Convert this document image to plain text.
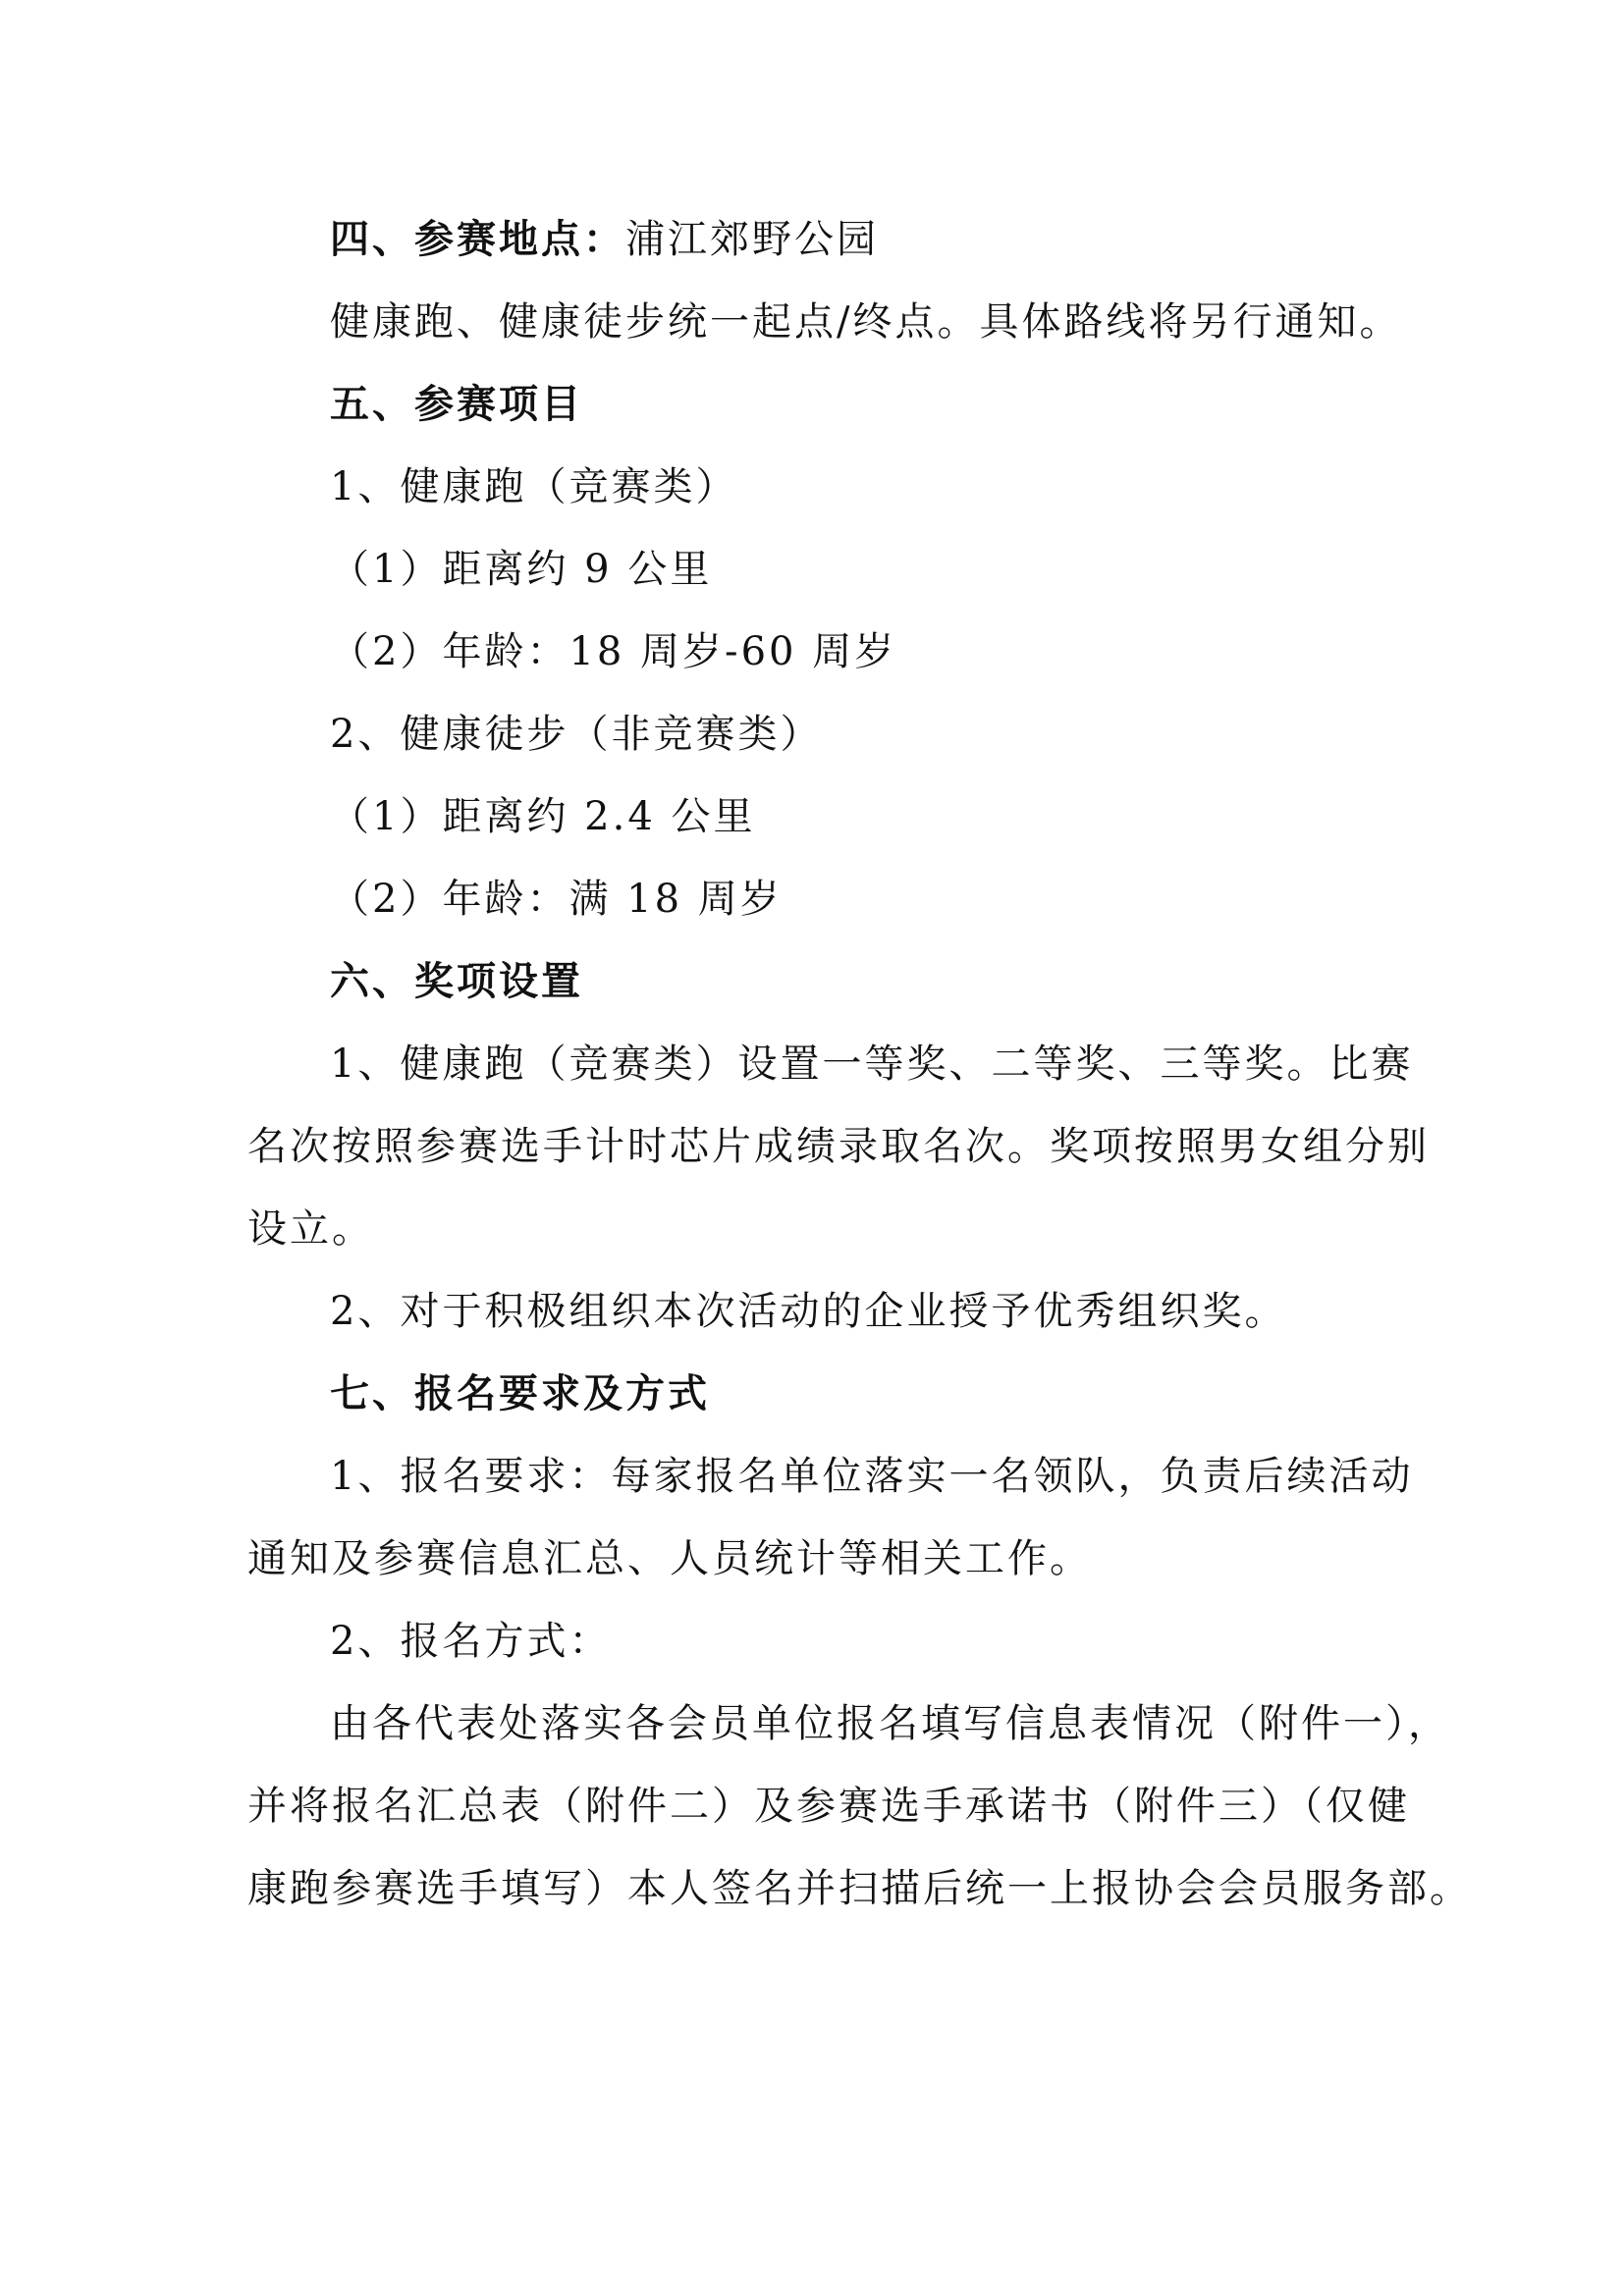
四、参赛地点：浦江郊野公园
健康跑、健康徒步统一起点/终点。具体路线将另行通知。
五、参赛项目
1、健康跑（竞赛类）
（1）距离约 9 公里
（2）年龄：18 周岁-60 周岁
2、健康徒步（非竞赛类）
（1）距离约 2.4 公里
（2）年龄：满 18 周岁
六、奖项设置
1、健康跑（竞赛类）设置一等奖、二等奖、三等奖。比赛
名次按照参赛选手计时芯片成绩录取名次。奖项按照男女组分别
设立。
2、对于积极组织本次活动的企业授予优秀组织奖。
七、报名要求及方式
1、报名要求：每家报名单位落实一名领队，负责后续活动
通知及参赛信息汇总、人员统计等相关工作。
2、报名方式：
由各代表处落实各会员单位报名填写信息表情况（附件一），
并将报名汇总表（附件二）及参赛选手承诺书（附件三）（仅健
康跑参赛选手填写）本人签名并扫描后统一上报协会会员服务部。
